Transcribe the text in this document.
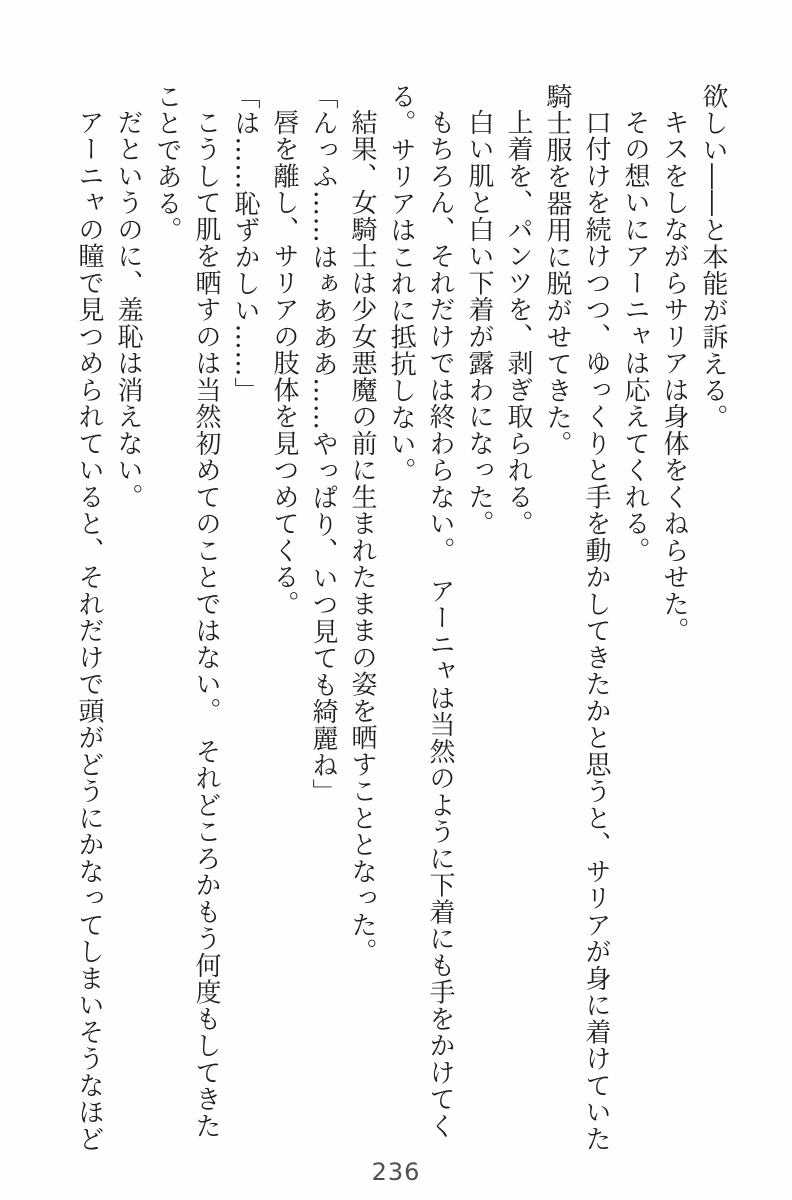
欲しい――と本能が訴える。

キスをしながらサリアは身体をくねらせた。

その想いにアーニャは応えてくれる。

口付けを続けつつ、ゆっくりと手を動かしてきたかと思うと、サリアが身に着けていた騎士服を器用に脱がせてきた。

上着を、パンツを、剥ぎ取られる。

白い肌と白い下着が露わになった。

もちろん、それだけでは終わらない。　アーニャは当然のように下着にも手をかけてくる。サリアはこれに抵抗しない。

結果、女騎士は少女悪魔の前に生まれたままの姿を晒すこととなった。

「んっふ……はぁあああ……やっぱり、いつ見ても綺麗ね」

唇を離し、サリアの肢体を見つめてくる。

「は……恥ずかしい……」

こうして肌を晒すのは当然初めてのことではない。　それどころかもう何度もしてきたことである。

だというのに、羞恥は消えない。

アーニャの瞳で見つめられていると、それだけで頭がどうにかなってしまいそうなほど

236
